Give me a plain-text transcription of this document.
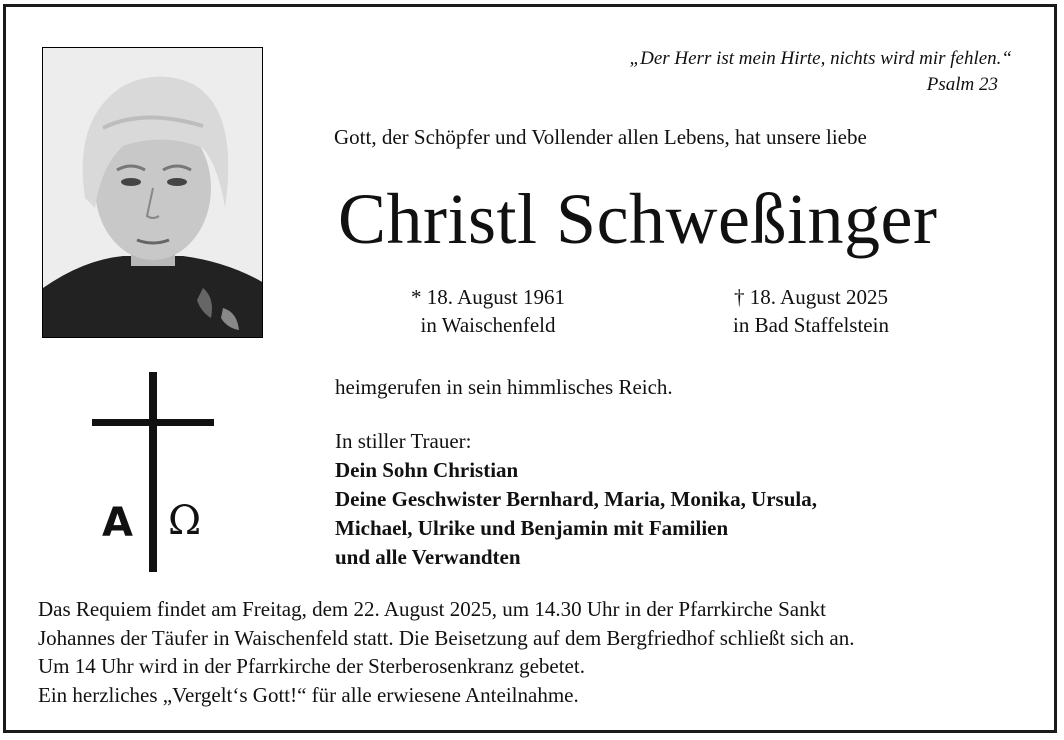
„Der Herr ist mein Hirte, nichts wird mir fehlen.“
Psalm 23
Gott, der Schöpfer und Vollender allen Lebens, hat unsere liebe
Christl Schweßinger
* 18. August 1961
in Waischenfeld
† 18. August 2025
in Bad Staffelstein
A Ω
heimgerufen in sein himmlisches Reich.
In stiller Trauer:
Dein Sohn Christian
Deine Geschwister Bernhard, Maria, Monika, Ursula,
Michael, Ulrike und Benjamin mit Familien
und alle Verwandten
Das Requiem findet am Freitag, dem 22. August 2025, um 14.30 Uhr in der Pfarrkirche Sankt
Johannes der Täufer in Waischenfeld statt. Die Beisetzung auf dem Bergfriedhof schließt sich an.
Um 14 Uhr wird in der Pfarrkirche der Sterberosenkranz gebetet.
Ein herzliches „Vergelt‘s Gott!“ für alle erwiesene Anteilnahme.
